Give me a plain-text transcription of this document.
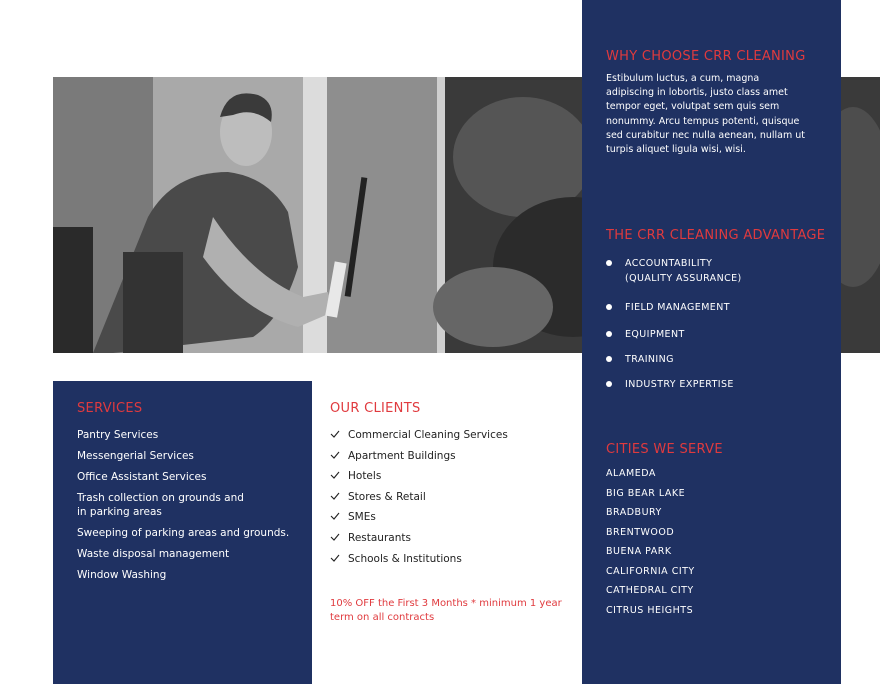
SERVICES
Pantry Services
Messengerial Services
Office Assistant Services
Trash collection on grounds and
in parking areas
Sweeping of parking areas and grounds.
Waste disposal management
Window Washing
OUR CLIENTS
Commercial Cleaning Services
Apartment Buildings
Hotels
Stores & Retail
SMEs
Restaurants
Schools & Institutions
10% OFF the First 3 Months * minimum 1 year term on all contracts
WHY CHOOSE CRR CLEANING
Estibulum luctus, a cum, magna adipiscing in lobortis, justo class amet tempor eget, volutpat sem quis sem nonummy. Arcu tempus potenti, quisque sed curabitur nec nulla aenean, nullam ut turpis aliquet ligula wisi, wisi.
THE CRR CLEANING ADVANTAGE
ACCOUNTABILITY
(QUALITY ASSURANCE)
FIELD MANAGEMENT
EQUIPMENT
TRAINING
INDUSTRY EXPERTISE
CITIES WE SERVE
ALAMEDA
BIG BEAR LAKE
BRADBURY
BRENTWOOD
BUENA PARK
CALIFORNIA CITY
CATHEDRAL CITY
CITRUS HEIGHTS
